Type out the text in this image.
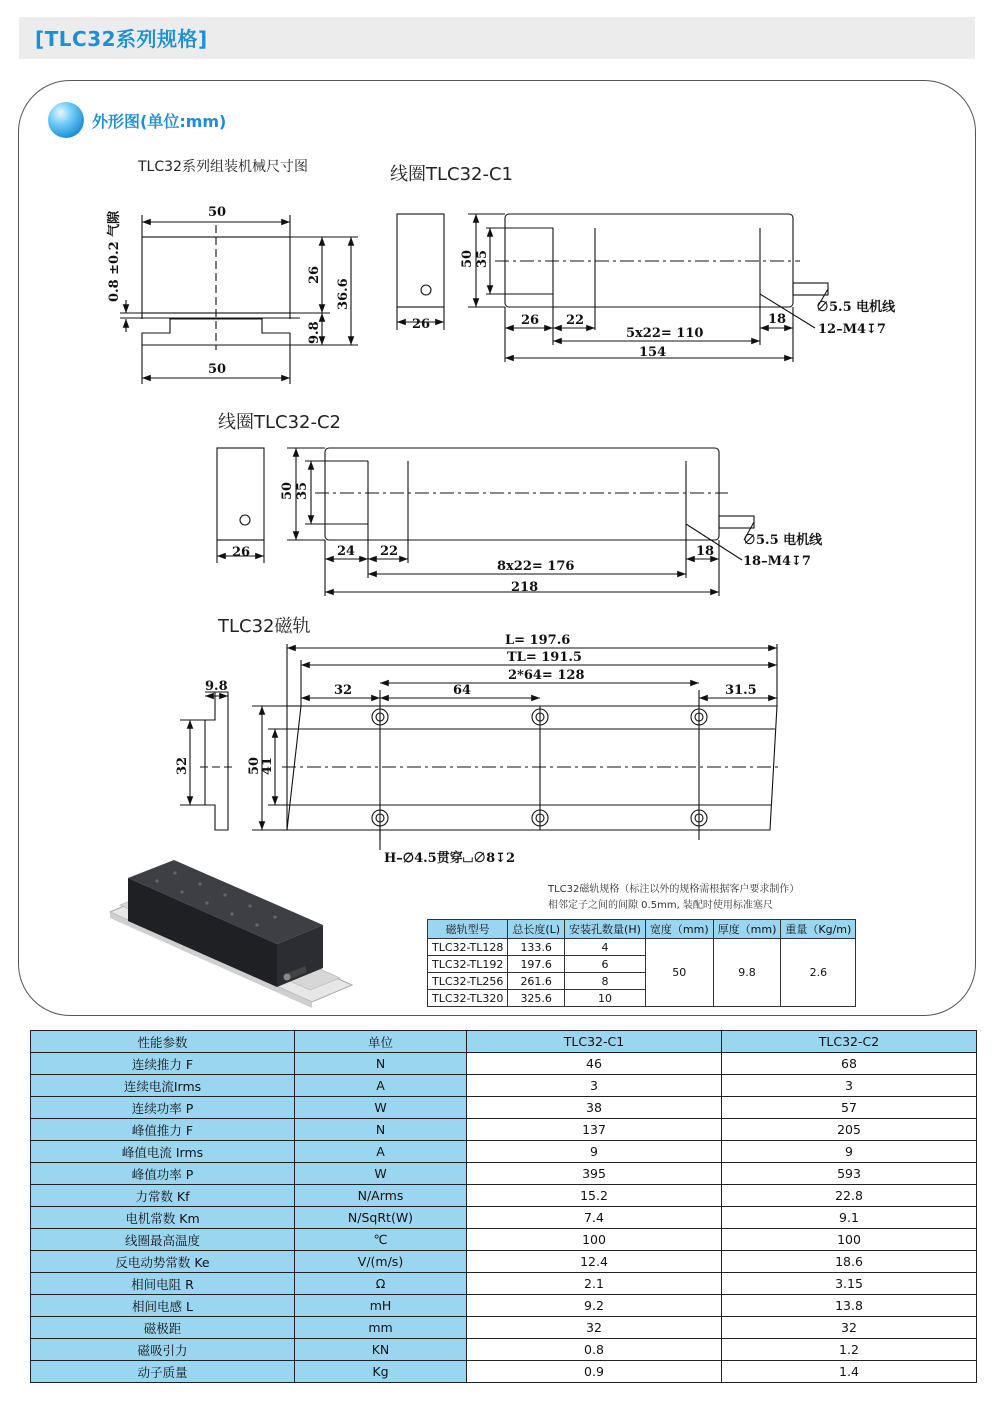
[TLC32系列规格]
外形图(单位:mm)
TLC32系列组装机械尺寸图	线圈TLC32-C1
线圈TLC32-C2
TLC32磁轨
50
50
0.8 ±0.2 气隙	26
36.6
9.8	26
50 35
26 22	18
5x22= 110
154
∅5.5 电机线
12–M4↧7
26
50 35
24 22	18
8x22= 176
218
∅5.5 电机线
18–M4↧7
L= 197.6
TL= 191.5
2*64= 128
32	64	31.5
9.8
32	50
41
H–∅4.5贯穿⌴∅8↧2
TLC32磁轨规格（标注以外的规格需根据客户要求制作）
相邻定子之间的间隙 0.5mm, 装配时使用标准塞尺
磁轨型号	总长度(L)	安装孔数量(H)	宽度（mm)	厚度（mm)	重量（Kg/m)
TLC32-TL128	133.6	4	50	9.8	2.6
TLC32-TL192	197.6	6			
TLC32-TL256	261.6	8			
TLC32-TL320	325.6	10			
性能参数	单位	TLC32-C1	TLC32-C2
连续推力 F	N	46	68
连续电流Irms	A	3	3
连续功率 P	W	38	57
峰值推力 F	N	137	205
峰值电流 Irms	A	9	9
峰值功率 P	W	395	593
力常数 Kf	N/Arms	15.2	22.8
电机常数 Km	N/SqRt(W)	7.4	9.1
线圈最高温度	℃	100	100
反电动势常数 Ke	V/(m/s)	12.4	18.6
相间电阻 R	Ω	2.1	3.15
相间电感 L	mH	9.2	13.8
磁极距	mm	32	32
磁吸引力	KN	0.8	1.2
动子质量	Kg	0.9	1.4
